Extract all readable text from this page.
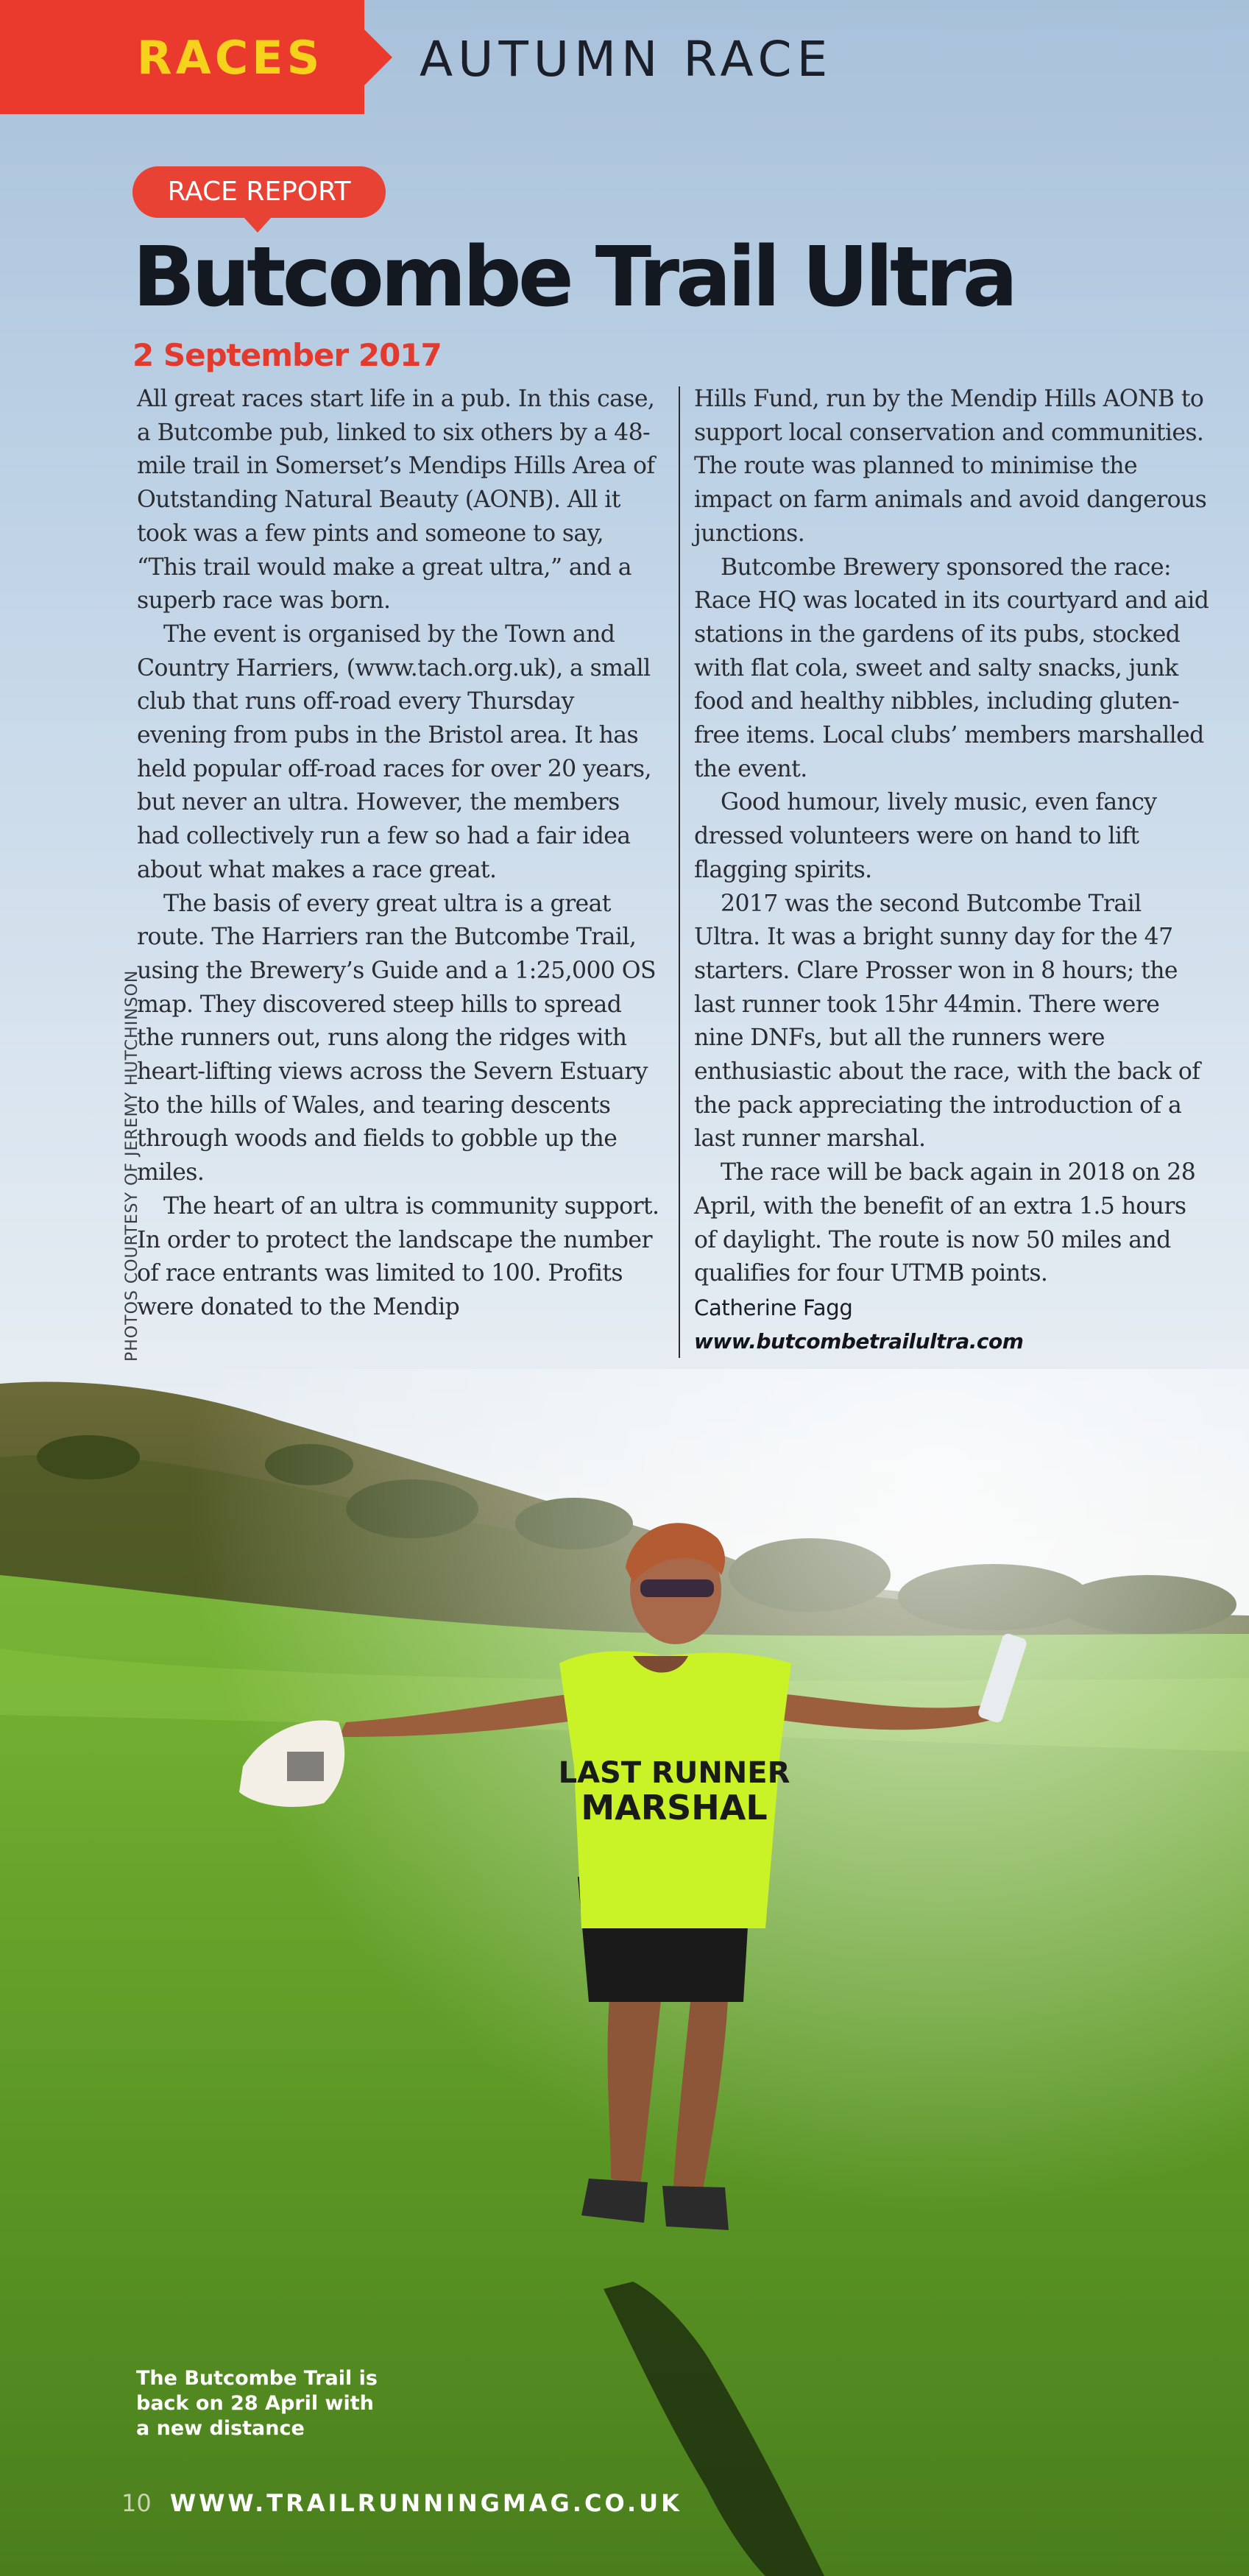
RACES AUTUMN RACE
RACE REPORT
Butcombe Trail Ultra
2 September 2017
PHOTOS COURTESY OF JEREMY HUTCHINSON

All great races start life in a pub. In this case, a Butcombe pub, linked to six others by a 48-mile trail in Somerset’s Mendips Hills Area of Outstanding Natural Beauty (AONB). All it took was a few pints and someone to say, “This trail would make a great ultra,” and a superb race was born.

The event is organised by the Town and Country Harriers, (www.tach.org.uk), a small club that runs off-road every Thursday evening from pubs in the Bristol area. It has held popular off-road races for over 20 years, but never an ultra. However, the members had collectively run a few so had a fair idea about what makes a race great.

The basis of every great ultra is a great route. The Harriers ran the Butcombe Trail, using the Brewery’s Guide and a 1:25,000 OS map. They discovered steep hills to spread the runners out, runs along the ridges with heart-lifting views across the Severn Estuary to the hills of Wales, and tearing descents through woods and fields to gobble up the miles.

The heart of an ultra is community support. In order to protect the landscape the number of race entrants was limited to 100. Profits were donated to the Mendip

Hills Fund, run by the Mendip Hills AONB to support local conservation and communities. The route was planned to minimise the impact on farm animals and avoid dangerous junctions.

Butcombe Brewery sponsored the race: Race HQ was located in its courtyard and aid stations in the gardens of its pubs, stocked with flat cola, sweet and salty snacks, junk food and healthy nibbles, including gluten-free items. Local clubs’ members marshalled the event.

Good humour, lively music, even fancy dressed volunteers were on hand to lift flagging spirits.

2017 was the second Butcombe Trail Ultra. It was a bright sunny day for the 47 starters. Clare Prosser won in 8 hours; the last runner took 15hr 44min. There were nine DNFs, but all the runners were enthusiastic about the race, with the back of the pack appreciating the introduction of a last runner marshal.

The race will be back again in 2018 on 28 April, with the benefit of an extra 1.5 hours of daylight. The route is now 50 miles and qualifies for four UTMB points.

Catherine Fagg
www.butcombetrailultra.com
LAST RUNNER
MARSHAL
The Butcombe Trail is back on 28 April with a new distance
10 WWW.TRAILRUNNINGMAG.CO.UK
